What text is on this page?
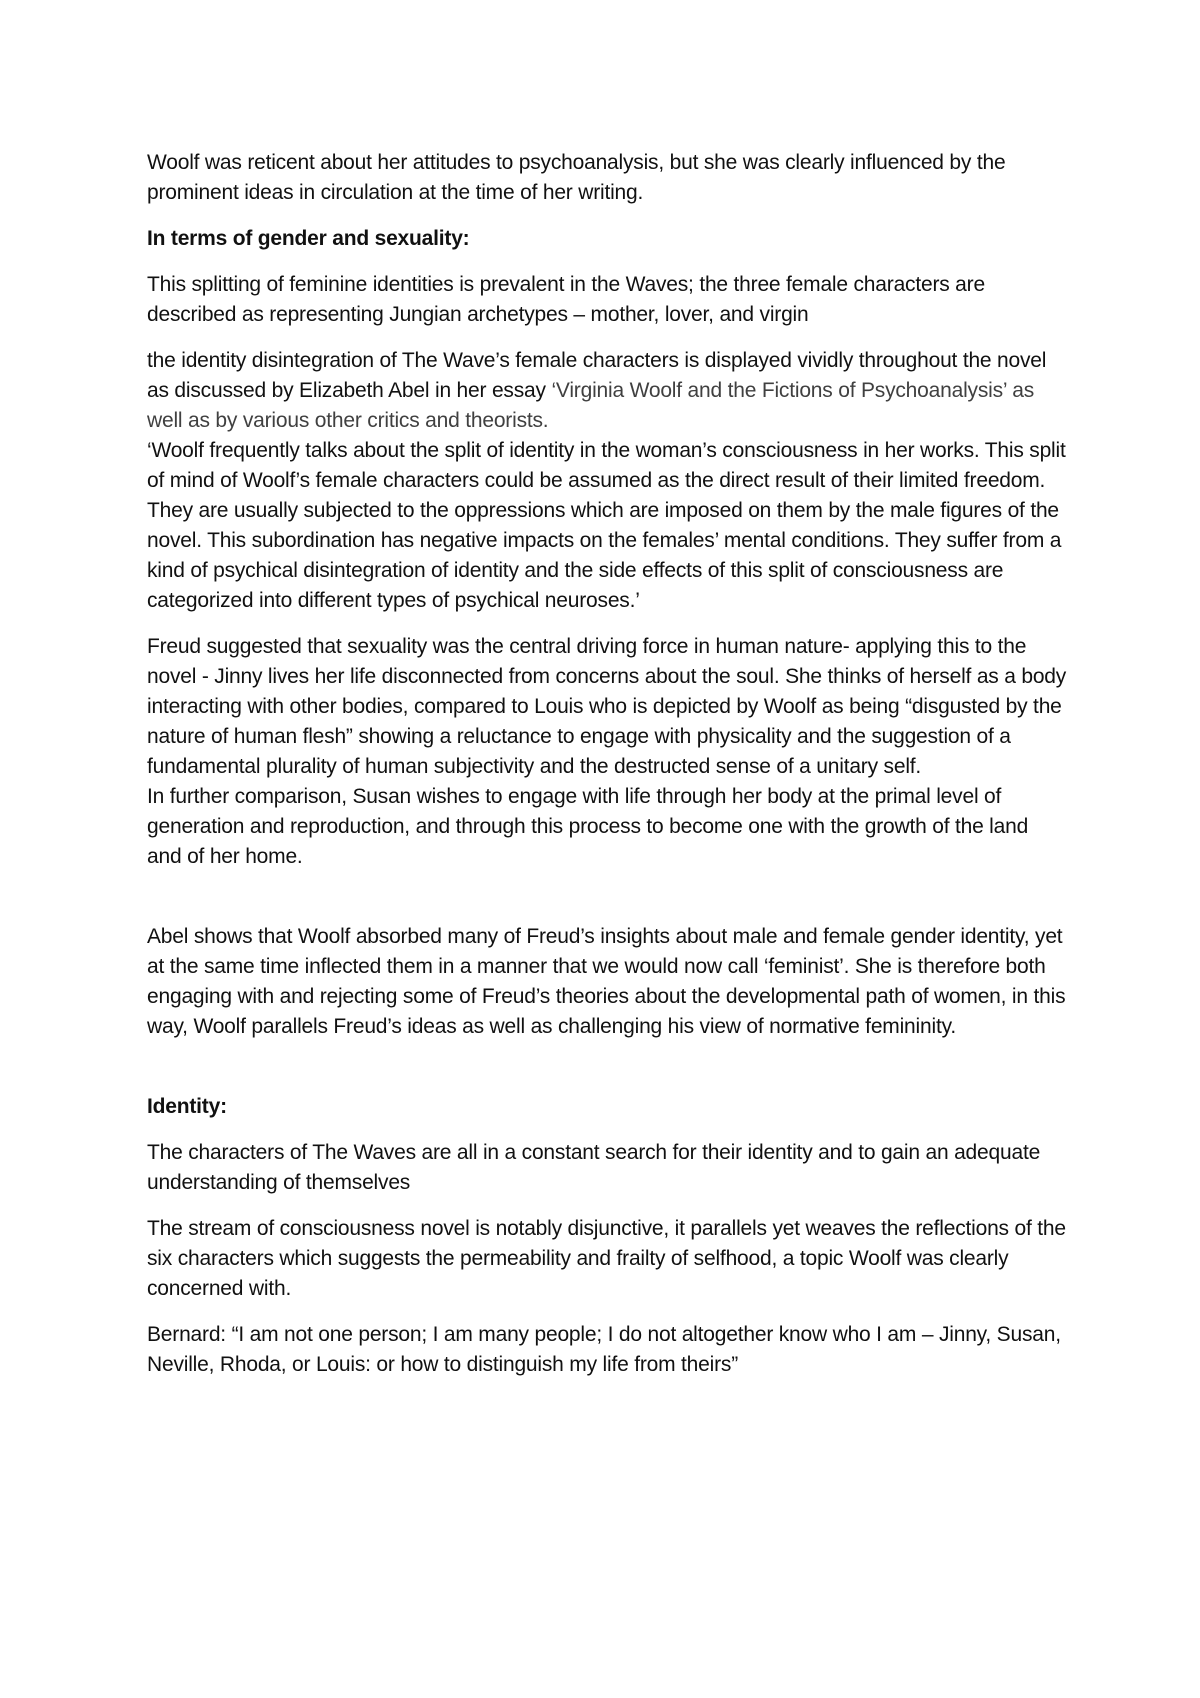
Woolf was reticent about her attitudes to psychoanalysis, but she was clearly influenced by the prominent ideas in circulation at the time of her writing.

In terms of gender and sexuality:

This splitting of feminine identities is prevalent in the Waves; the three female characters are described as representing Jungian archetypes – mother, lover, and virgin

the identity disintegration of The Wave’s female characters is displayed vividly throughout the novel as discussed by Elizabeth Abel in her essay ‘Virginia Woolf and the Fictions of Psychoanalysis’ as well as by various other critics and theorists.

‘Woolf frequently talks about the split of identity in the woman’s consciousness in her works. This split of mind of Woolf’s female characters could be assumed as the direct result of their limited freedom. They are usually subjected to the oppressions which are imposed on them by the male figures of the novel. This subordination has negative impacts on the females’ mental conditions. They suffer from a kind of psychical disintegration of identity and the side effects of this split of consciousness are categorized into different types of psychical neuroses.’

Freud suggested that sexuality was the central driving force in human nature- applying this to the novel - Jinny lives her life disconnected from concerns about the soul. She thinks of herself as a body interacting with other bodies, compared to Louis who is depicted by Woolf as being “disgusted by the nature of human flesh” showing a reluctance to engage with physicality and the suggestion of a fundamental plurality of human subjectivity and the destructed sense of a unitary self.

In further comparison, Susan wishes to engage with life through her body at the primal level of generation and reproduction, and through this process to become one with the growth of the land and of her home.

Abel shows that Woolf absorbed many of Freud’s insights about male and female gender identity, yet at the same time inflected them in a manner that we would now call ‘feminist’. She is therefore both engaging with and rejecting some of Freud’s theories about the developmental path of women, in this way, Woolf parallels Freud’s ideas as well as challenging his view of normative femininity.

Identity:

The characters of The Waves are all in a constant search for their identity and to gain an adequate understanding of themselves

The stream of consciousness novel is notably disjunctive, it parallels yet weaves the reflections of the six characters which suggests the permeability and frailty of selfhood, a topic Woolf was clearly concerned with.

Bernard: “I am not one person; I am many people; I do not altogether know who I am – Jinny, Susan, Neville, Rhoda, or Louis: or how to distinguish my life from theirs”
